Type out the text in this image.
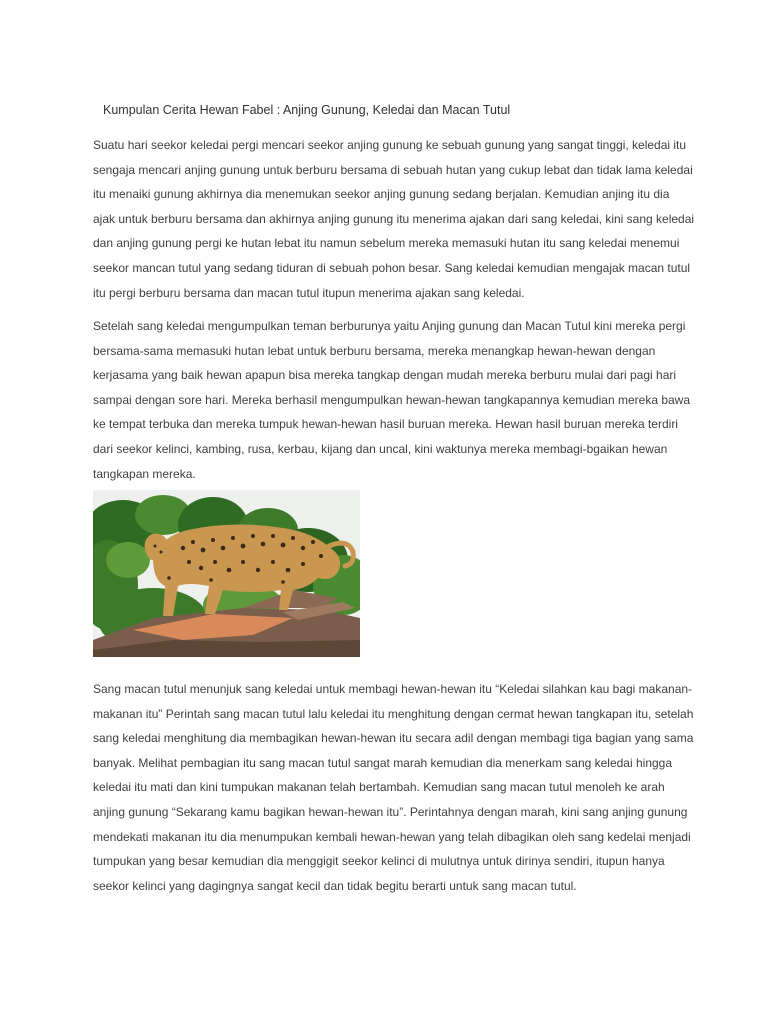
Kumpulan Cerita Hewan Fabel : Anjing Gunung, Keledai dan Macan Tutul
Suatu hari seekor keledai pergi mencari seekor anjing gunung ke sebuah gunung yang sangat tinggi, keledai itu
sengaja mencari anjing gunung untuk berburu bersama di sebuah hutan yang cukup lebat dan tidak lama keledai
itu menaiki gunung akhirnya dia menemukan seekor anjing gunung sedang berjalan. Kemudian anjing itu dia
ajak untuk berburu bersama dan akhirnya anjing gunung itu menerima ajakan dari sang keledai, kini sang keledai
dan anjing gunung pergi ke hutan lebat itu namun sebelum mereka memasuki hutan itu sang keledai menemui
seekor mancan tutul yang sedang tiduran di sebuah pohon besar. Sang keledai kemudian mengajak macan tutul
itu pergi berburu bersama dan macan tutul itupun menerima ajakan sang keledai.
Setelah sang keledai mengumpulkan teman berburunya yaitu Anjing gunung dan Macan Tutul kini mereka pergi
bersama-sama memasuki hutan lebat untuk berburu bersama, mereka menangkap hewan-hewan dengan
kerjasama yang baik hewan apapun bisa mereka tangkap dengan mudah mereka berburu mulai dari pagi hari
sampai dengan sore hari. Mereka berhasil mengumpulkan hewan-hewan tangkapannya kemudian mereka bawa
ke tempat terbuka dan mereka tumpuk hewan-hewan hasil buruan mereka. Hewan hasil buruan mereka terdiri
dari seekor kelinci, kambing, rusa, kerbau, kijang dan uncal, kini waktunya mereka membagi-bgaikan hewan
tangkapan mereka.
Sang macan tutul menunjuk sang keledai untuk membagi hewan-hewan itu “Keledai silahkan kau bagi makanan-
makanan itu” Perintah sang macan tutul lalu keledai itu menghitung dengan cermat hewan tangkapan itu, setelah
sang keledai menghitung dia membagikan hewan-hewan itu secara adil dengan membagi tiga bagian yang sama
banyak. Melihat pembagian itu sang macan tutul sangat marah kemudian dia menerkam sang keledai hingga
keledai itu mati dan kini tumpukan makanan telah bertambah. Kemudian sang macan tutul menoleh ke arah
anjing gunung “Sekarang kamu bagikan hewan-hewan itu”. Perintahnya dengan marah, kini sang anjing gunung
mendekati makanan itu dia menumpukan kembali hewan-hewan yang telah dibagikan oleh sang kedelai menjadi
tumpukan yang besar kemudian dia menggigit seekor kelinci di mulutnya untuk dirinya sendiri, itupun hanya
seekor kelinci yang dagingnya sangat kecil dan tidak begitu berarti untuk sang macan tutul.
